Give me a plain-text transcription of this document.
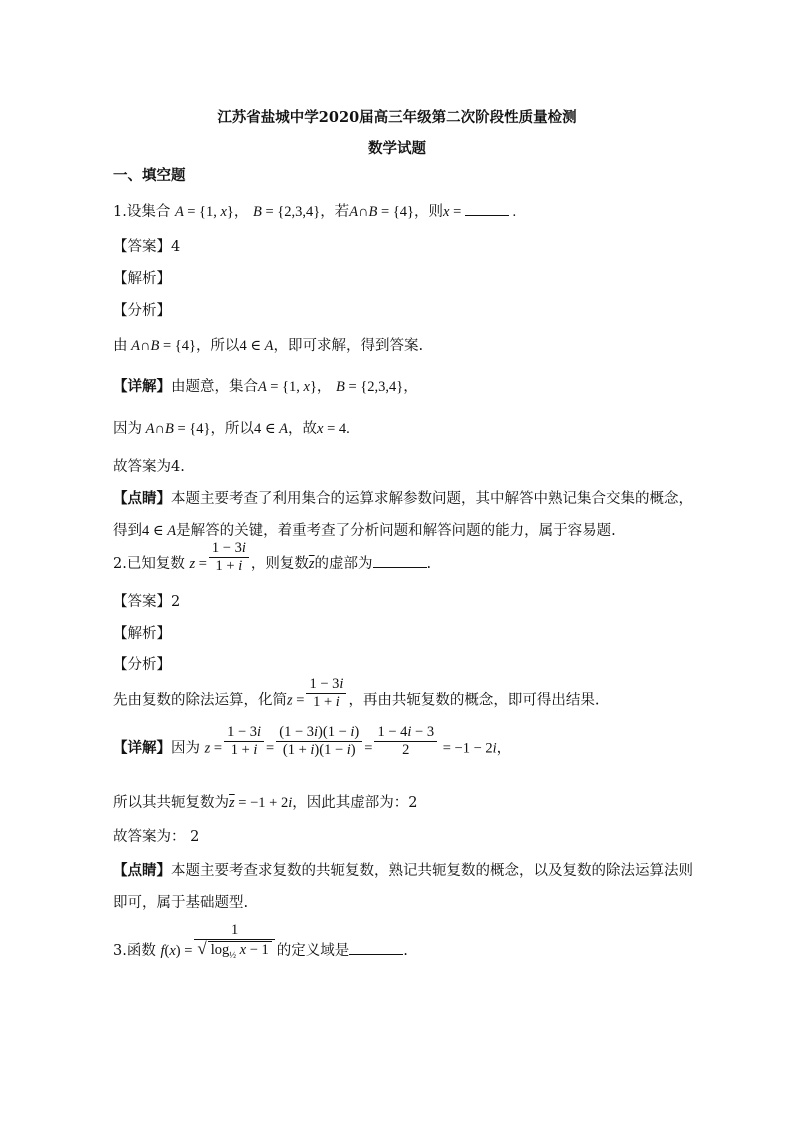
江苏省盐城中学2020届高三年级第二次阶段性质量检测
数学试题
一、填空题
1.设集合 A = {1, x}， B = {2,3,4}，若A∩B = {4}，则x =	.
【答案】4
【解析】
【分析】
由 A∩B = {4}，所以4 ∈ A，即可求解，得到答案.
【详解】由题意，集合A = {1, x}， B = {2,3,4}，
因为 A∩B = {4}，所以4 ∈ A，故x = 4.
故答案为4.
【点睛】本题主要考查了利用集合的运算求解参数问题，其中解答中熟记集合交集的概念，
得到4 ∈ A是解答的关键，着重考查了分析问题和解答问题的能力，属于容易题.
2.已知复数 $z = \frac{1 - 3i}{1 + i}$ ，则复数$\overline{z}$的虚部为	.
【答案】2
【解析】
【分析】
先由复数的除法运算，化简$z = \frac{1 - 3i}{1 + i}$ ，再由共轭复数的概念，即可得出结果.
【详解】因为 $z = \frac{1 - 3i}{1 + i} = \frac{(1 - 3i)(1 - i)}{(1 + i)(1 - i)} = \frac{1 - 4i - 3}{2} = -1 - 2i$，
所以其共轭复数为$\overline{z} = -1 + 2i$，因此其虚部为：2
故答案为： 2
【点睛】本题主要考查求复数的共轭复数，熟记共轭复数的概念，以及复数的除法运算法则
即可，属于基础题型.
3.函数 $f(x) = \frac{1}{√ \log_{\frac{1}{2}} x - 1}$ 的定义域是	.
